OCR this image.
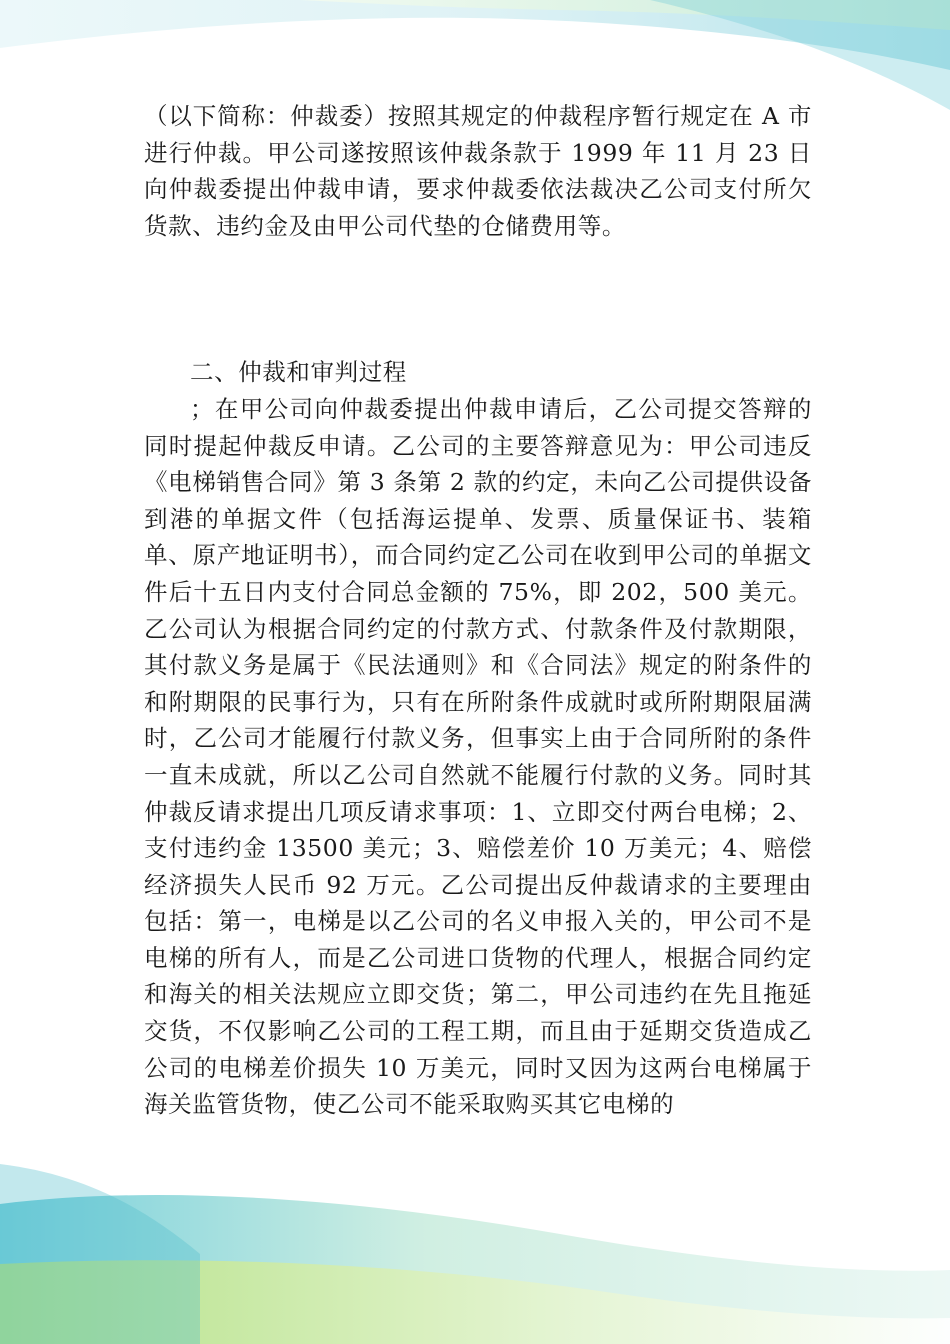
（以下简称：仲裁委）按照其规定的仲裁程序暂行规定在 A 市进行仲裁。甲公司遂按照该仲裁条款于 1999 年 11 月 23 日向仲裁委提出仲裁申请，要求仲裁委依法裁决乙公司支付所欠货款、违约金及由甲公司代垫的仓储费用等。

二、仲裁和审判过程

；在甲公司向仲裁委提出仲裁申请后，乙公司提交答辩的同时提起仲裁反申请。乙公司的主要答辩意见为：甲公司违反《电梯销售合同》第 3 条第 2 款的约定，未向乙公司提供设备到港的单据文件（包括海运提单、发票、质量保证书、装箱单、原产地证明书），而合同约定乙公司在收到甲公司的单据文件后十五日内支付合同总金额的 75%，即 202，500 美元。乙公司认为根据合同约定的付款方式、付款条件及付款期限，其付款义务是属于《民法通则》和《合同法》规定的附条件的和附期限的民事行为，只有在所附条件成就时或所附期限届满时，乙公司才能履行付款义务，但事实上由于合同所附的条件一直未成就，所以乙公司自然就不能履行付款的义务。同时其仲裁反请求提出几项反请求事项：1、立即交付两台电梯；2、支付违约金 13500 美元；3、赔偿差价 10 万美元；4、赔偿经济损失人民币 92 万元。乙公司提出反仲裁请求的主要理由包括：第一，电梯是以乙公司的名义申报入关的，甲公司不是电梯的所有人，而是乙公司进口货物的代理人，根据合同约定和海关的相关法规应立即交货；第二，甲公司违约在先且拖延交货，不仅影响乙公司的工程工期，而且由于延期交货造成乙公司的电梯差价损失 10 万美元，同时又因为这两台电梯属于海关监管货物，使乙公司不能采取购买其它电梯的
